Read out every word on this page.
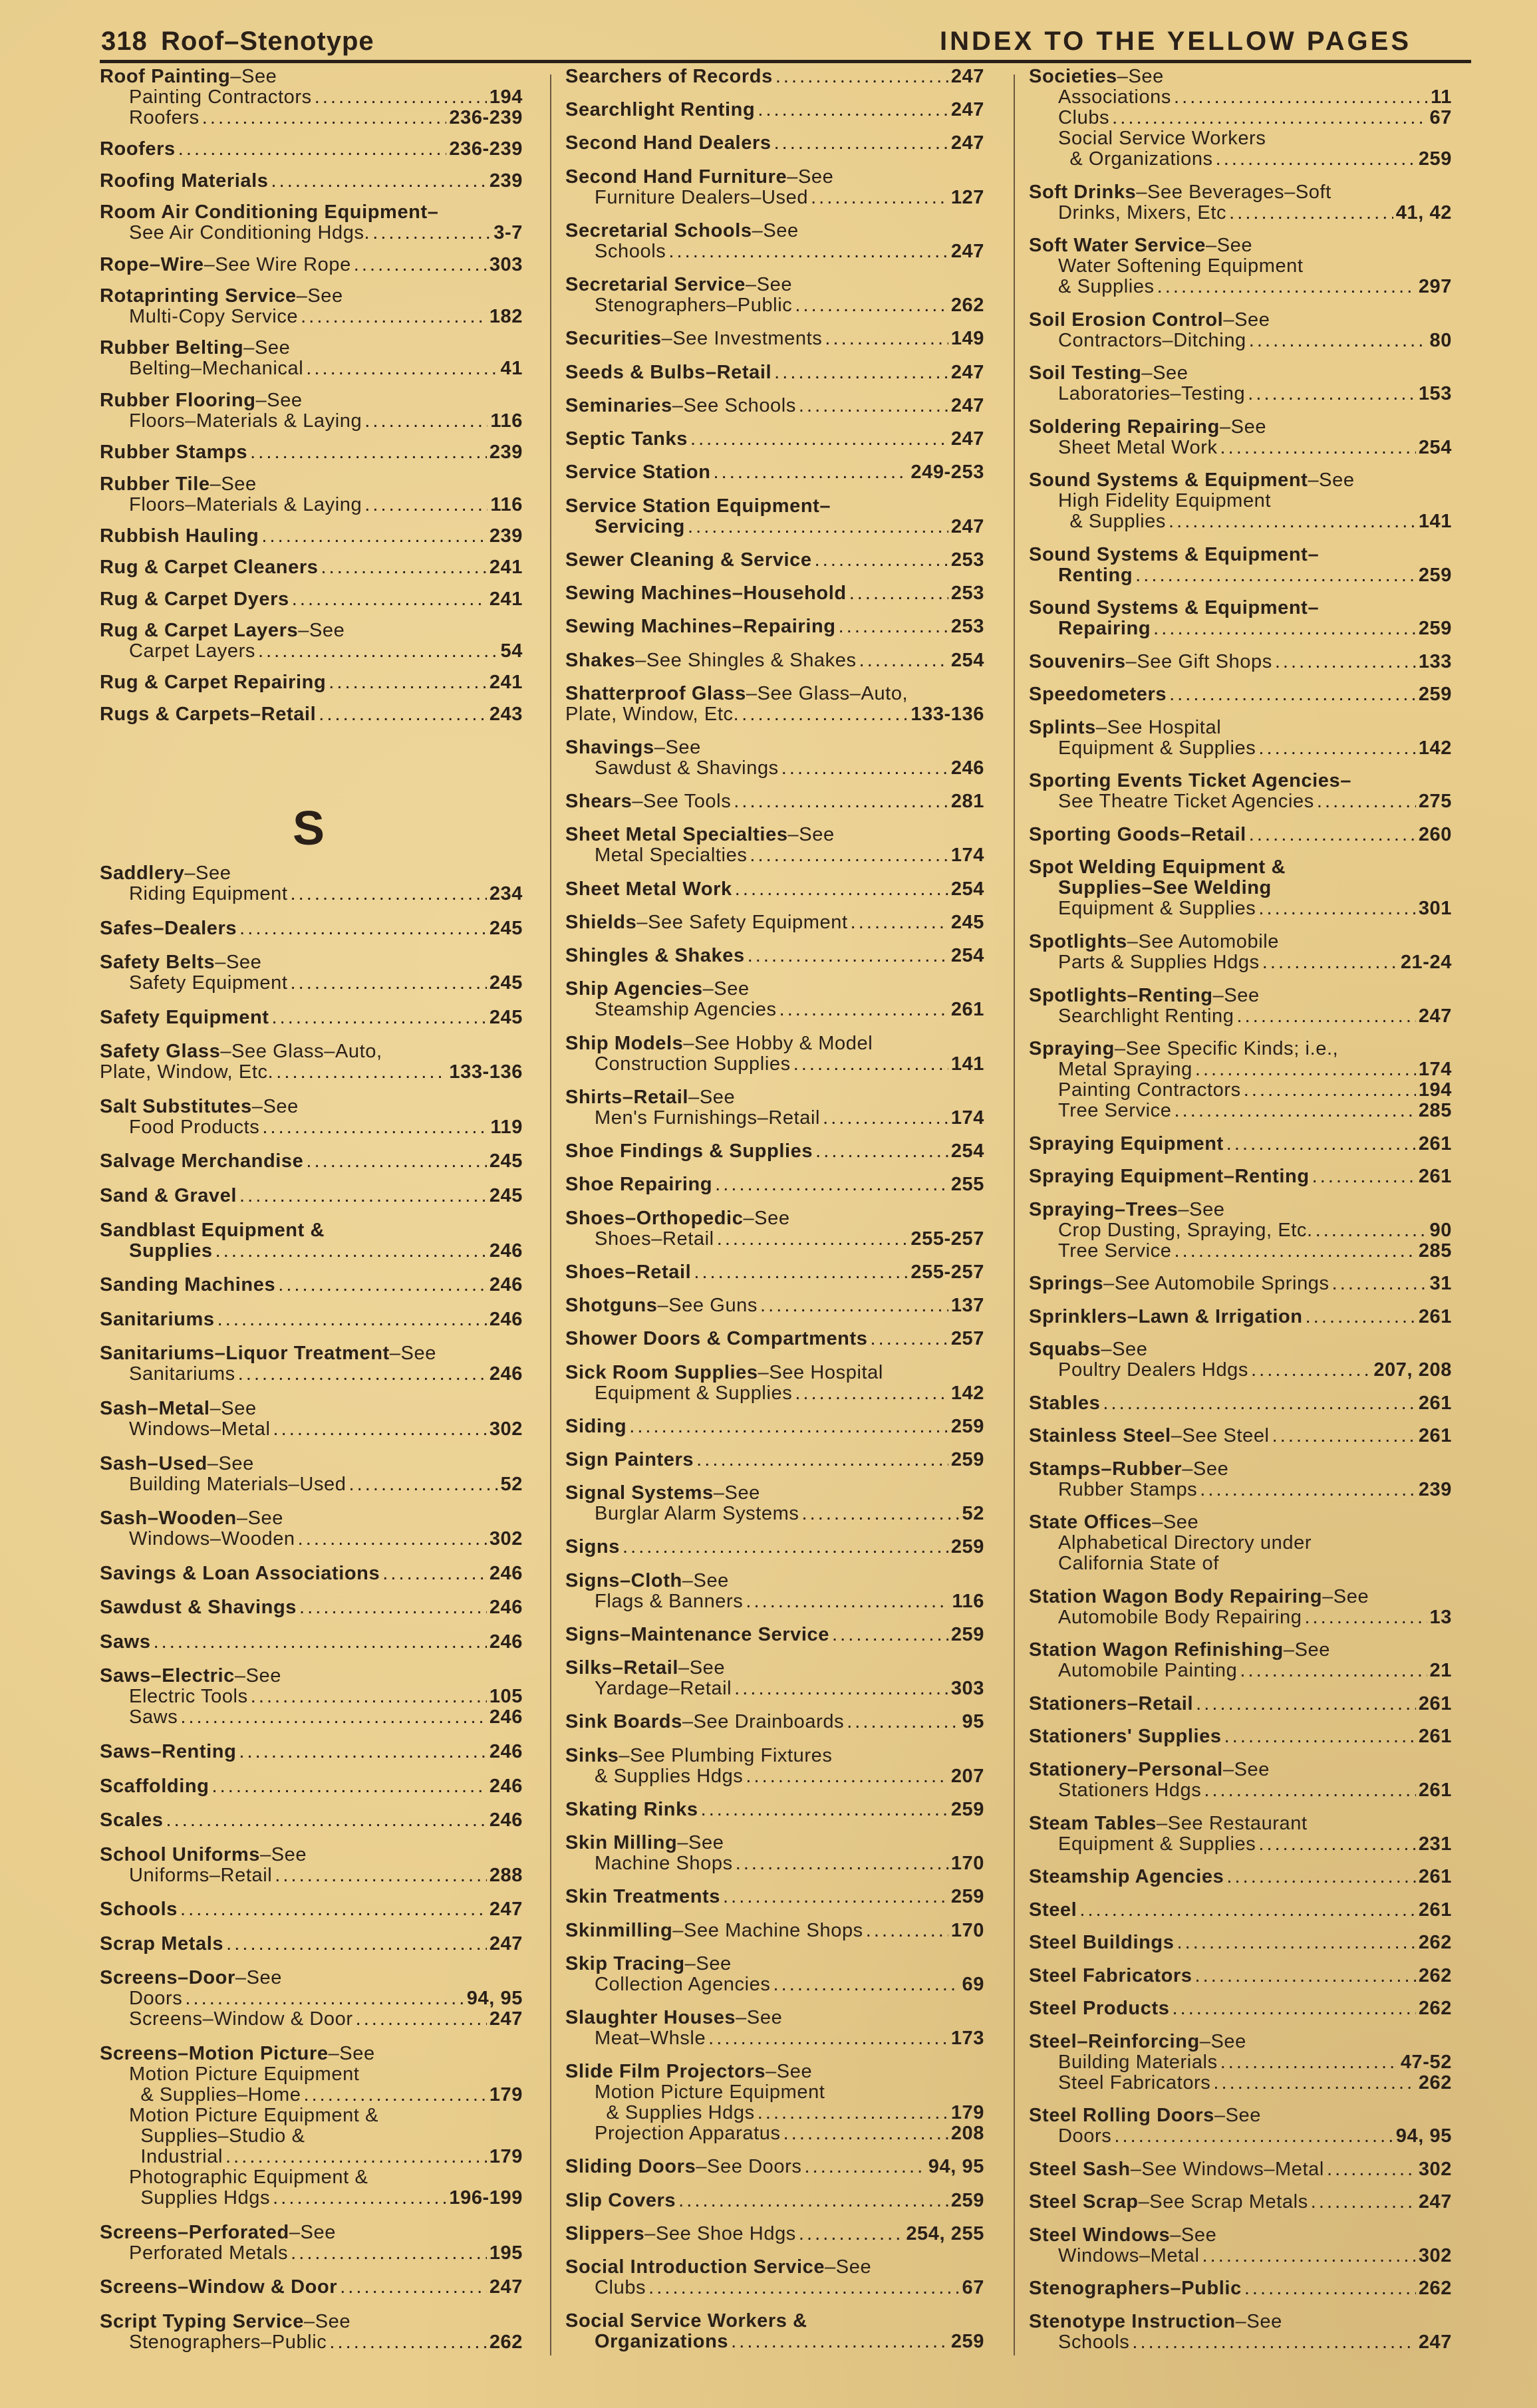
318 Roof–Stenotype	INDEX TO THE YELLOW PAGES
Roof Painting –See
Painting Contractors . . .	194
Roofers . . .	236-239
Roofers . . .	236-239
Roofing Materials . . .	239
Room Air Conditioning Equipment–
See Air Conditioning Hdgs. . . .	3-7
Rope–Wire –See Wire Rope . . .	303
Rotaprinting Service –See
Multi-Copy Service . . .	182
Rubber Belting –See
Belting–Mechanical . . .	41
Rubber Flooring –See
Floors–Materials & Laying . . .	116
Rubber Stamps . . .	239
Rubber Tile –See
Floors–Materials & Laying . . .	116
Rubbish Hauling . . .	239
Rug & Carpet Cleaners . . .	241
Rug & Carpet Dyers . . .	241
Rug & Carpet Layers –See
Carpet Layers . . .	54
Rug & Carpet Repairing . . .	241
Rugs & Carpets–Retail . . .	243
S
Saddlery –See
Riding Equipment . . .	234
Safes–Dealers . . .	245
Safety Belts –See
Safety Equipment . . .	245
Safety Equipment . . .	245
Safety Glass –See Glass–Auto,
Plate, Window, Etc. . . .	133-136
Salt Substitutes –See
Food Products . . .	119
Salvage Merchandise . . .	245
Sand & Gravel . . .	245
Sandblast Equipment &
Supplies . . .	246
Sanding Machines . . .	246
Sanitariums . . .	246
Sanitariums–Liquor Treatment –See
Sanitariums . . .	246
Sash–Metal –See
Windows–Metal . . .	302
Sash–Used –See
Building Materials–Used . . .	52
Sash–Wooden –See
Windows–Wooden . . .	302
Savings & Loan Associations . . .	246
Sawdust & Shavings . . .	246
Saws . . .	246
Saws–Electric –See
Electric Tools . . .	105
Saws . . .	246
Saws–Renting . . .	246
Scaffolding . . .	246
Scales . . .	246
School Uniforms –See
Uniforms–Retail . . .	288
Schools . . .	247
Scrap Metals . . .	247
Screens–Door –See
Doors . . .	94, 95
Screens–Window & Door . . .	247
Screens–Motion Picture –See
Motion Picture Equipment
& Supplies–Home . . .	179
Motion Picture Equipment &
Supplies–Studio &
Industrial . . .	179
Photographic Equipment &
Supplies Hdgs . . .	196-199
Screens–Perforated –See
Perforated Metals . . .	195
Screens–Window & Door . . .	247
Script Typing Service –See
Stenographers–Public . . .	262
Searchers of Records . . .	247
Searchlight Renting . . .	247
Second Hand Dealers . . .	247
Second Hand Furniture –See
Furniture Dealers–Used . . .	127
Secretarial Schools –See
Schools . . .	247
Secretarial Service –See
Stenographers–Public . . .	262
Securities –See Investments . . .	149
Seeds & Bulbs–Retail . . .	247
Seminaries –See Schools . . .	247
Septic Tanks . . .	247
Service Station . . .	249-253
Service Station Equipment–
Servicing . . .	247
Sewer Cleaning & Service . . .	253
Sewing Machines–Household . . .	253
Sewing Machines–Repairing . . .	253
Shakes –See Shingles & Shakes . . .	254
Shatterproof Glass –See Glass–Auto,
Plate, Window, Etc. . . .	133-136
Shavings –See
Sawdust & Shavings . . .	246
Shears –See Tools . . .	281
Sheet Metal Specialties –See
Metal Specialties . . .	174
Sheet Metal Work . . .	254
Shields –See Safety Equipment . . .	245
Shingles & Shakes . . .	254
Ship Agencies –See
Steamship Agencies . . .	261
Ship Models –See Hobby & Model
Construction Supplies . . .	141
Shirts–Retail –See
Men's Furnishings–Retail . . .	174
Shoe Findings & Supplies . . .	254
Shoe Repairing . . .	255
Shoes–Orthopedic –See
Shoes–Retail . . .	255-257
Shoes–Retail . . .	255-257
Shotguns –See Guns . . .	137
Shower Doors & Compartments . . .	257
Sick Room Supplies –See Hospital
Equipment & Supplies . . .	142
Siding . . .	259
Sign Painters . . .	259
Signal Systems –See
Burglar Alarm Systems . . .	52
Signs . . .	259
Signs–Cloth –See
Flags & Banners . . .	116
Signs–Maintenance Service . . .	259
Silks–Retail –See
Yardage–Retail . . .	303
Sink Boards –See Drainboards . . .	95
Sinks –See Plumbing Fixtures
& Supplies Hdgs . . .	207
Skating Rinks . . .	259
Skin Milling –See
Machine Shops . . .	170
Skin Treatments . . .	259
Skinmilling –See Machine Shops . . .	170
Skip Tracing –See
Collection Agencies . . .	69
Slaughter Houses –See
Meat–Whsle . . .	173
Slide Film Projectors –See
Motion Picture Equipment
& Supplies Hdgs . . .	179
Projection Apparatus . . .	208
Sliding Doors –See Doors . . .	94, 95
Slip Covers . . .	259
Slippers –See Shoe Hdgs . . .	254, 255
Social Introduction Service –See
Clubs . . .	67
Social Service Workers &
Organizations . . .	259
Societies –See
Associations . . .	11
Clubs . . .	67
Social Service Workers
& Organizations . . .	259
Soft Drinks –See Beverages–Soft
Drinks, Mixers, Etc . . .	41, 42
Soft Water Service –See
Water Softening Equipment
& Supplies . . .	297
Soil Erosion Control –See
Contractors–Ditching . . .	80
Soil Testing –See
Laboratories–Testing . . .	153
Soldering Repairing –See
Sheet Metal Work . . .	254
Sound Systems & Equipment –See
High Fidelity Equipment
& Supplies . . .	141
Sound Systems & Equipment–
Renting . . .	259
Sound Systems & Equipment–
Repairing . . .	259
Souvenirs –See Gift Shops . . .	133
Speedometers . . .	259
Splints –See Hospital
Equipment & Supplies . . .	142
Sporting Events Ticket Agencies–
See Theatre Ticket Agencies . . .	275
Sporting Goods–Retail . . .	260
Spot Welding Equipment &
Supplies–See Welding
Equipment & Supplies . . .	301
Spotlights –See Automobile
Parts & Supplies Hdgs . . .	21-24
Spotlights–Renting –See
Searchlight Renting . . .	247
Spraying –See Specific Kinds; i.e.,
Metal Spraying . . .	174
Painting Contractors . . .	194
Tree Service . . .	285
Spraying Equipment . . .	261
Spraying Equipment–Renting . . .	261
Spraying–Trees –See
Crop Dusting, Spraying, Etc. . . .	90
Tree Service . . .	285
Springs –See Automobile Springs . . .	31
Sprinklers–Lawn & Irrigation . . .	261
Squabs –See
Poultry Dealers Hdgs . . .	207, 208
Stables . . .	261
Stainless Steel –See Steel . . .	261
Stamps–Rubber –See
Rubber Stamps . . .	239
State Offices –See
Alphabetical Directory under
California State of
Station Wagon Body Repairing –See
Automobile Body Repairing . . .	13
Station Wagon Refinishing –See
Automobile Painting . . .	21
Stationers–Retail . . .	261
Stationers' Supplies . . .	261
Stationery–Personal –See
Stationers Hdgs . . .	261
Steam Tables –See Restaurant
Equipment & Supplies . . .	231
Steamship Agencies . . .	261
Steel . . .	261
Steel Buildings . . .	262
Steel Fabricators . . .	262
Steel Products . . .	262
Steel–Reinforcing –See
Building Materials . . .	47-52
Steel Fabricators . . .	262
Steel Rolling Doors –See
Doors . . .	94, 95
Steel Sash –See Windows–Metal . . .	302
Steel Scrap –See Scrap Metals . . .	247
Steel Windows –See
Windows–Metal . . .	302
Stenographers–Public . . .	262
Stenotype Instruction –See
Schools . . .	247
